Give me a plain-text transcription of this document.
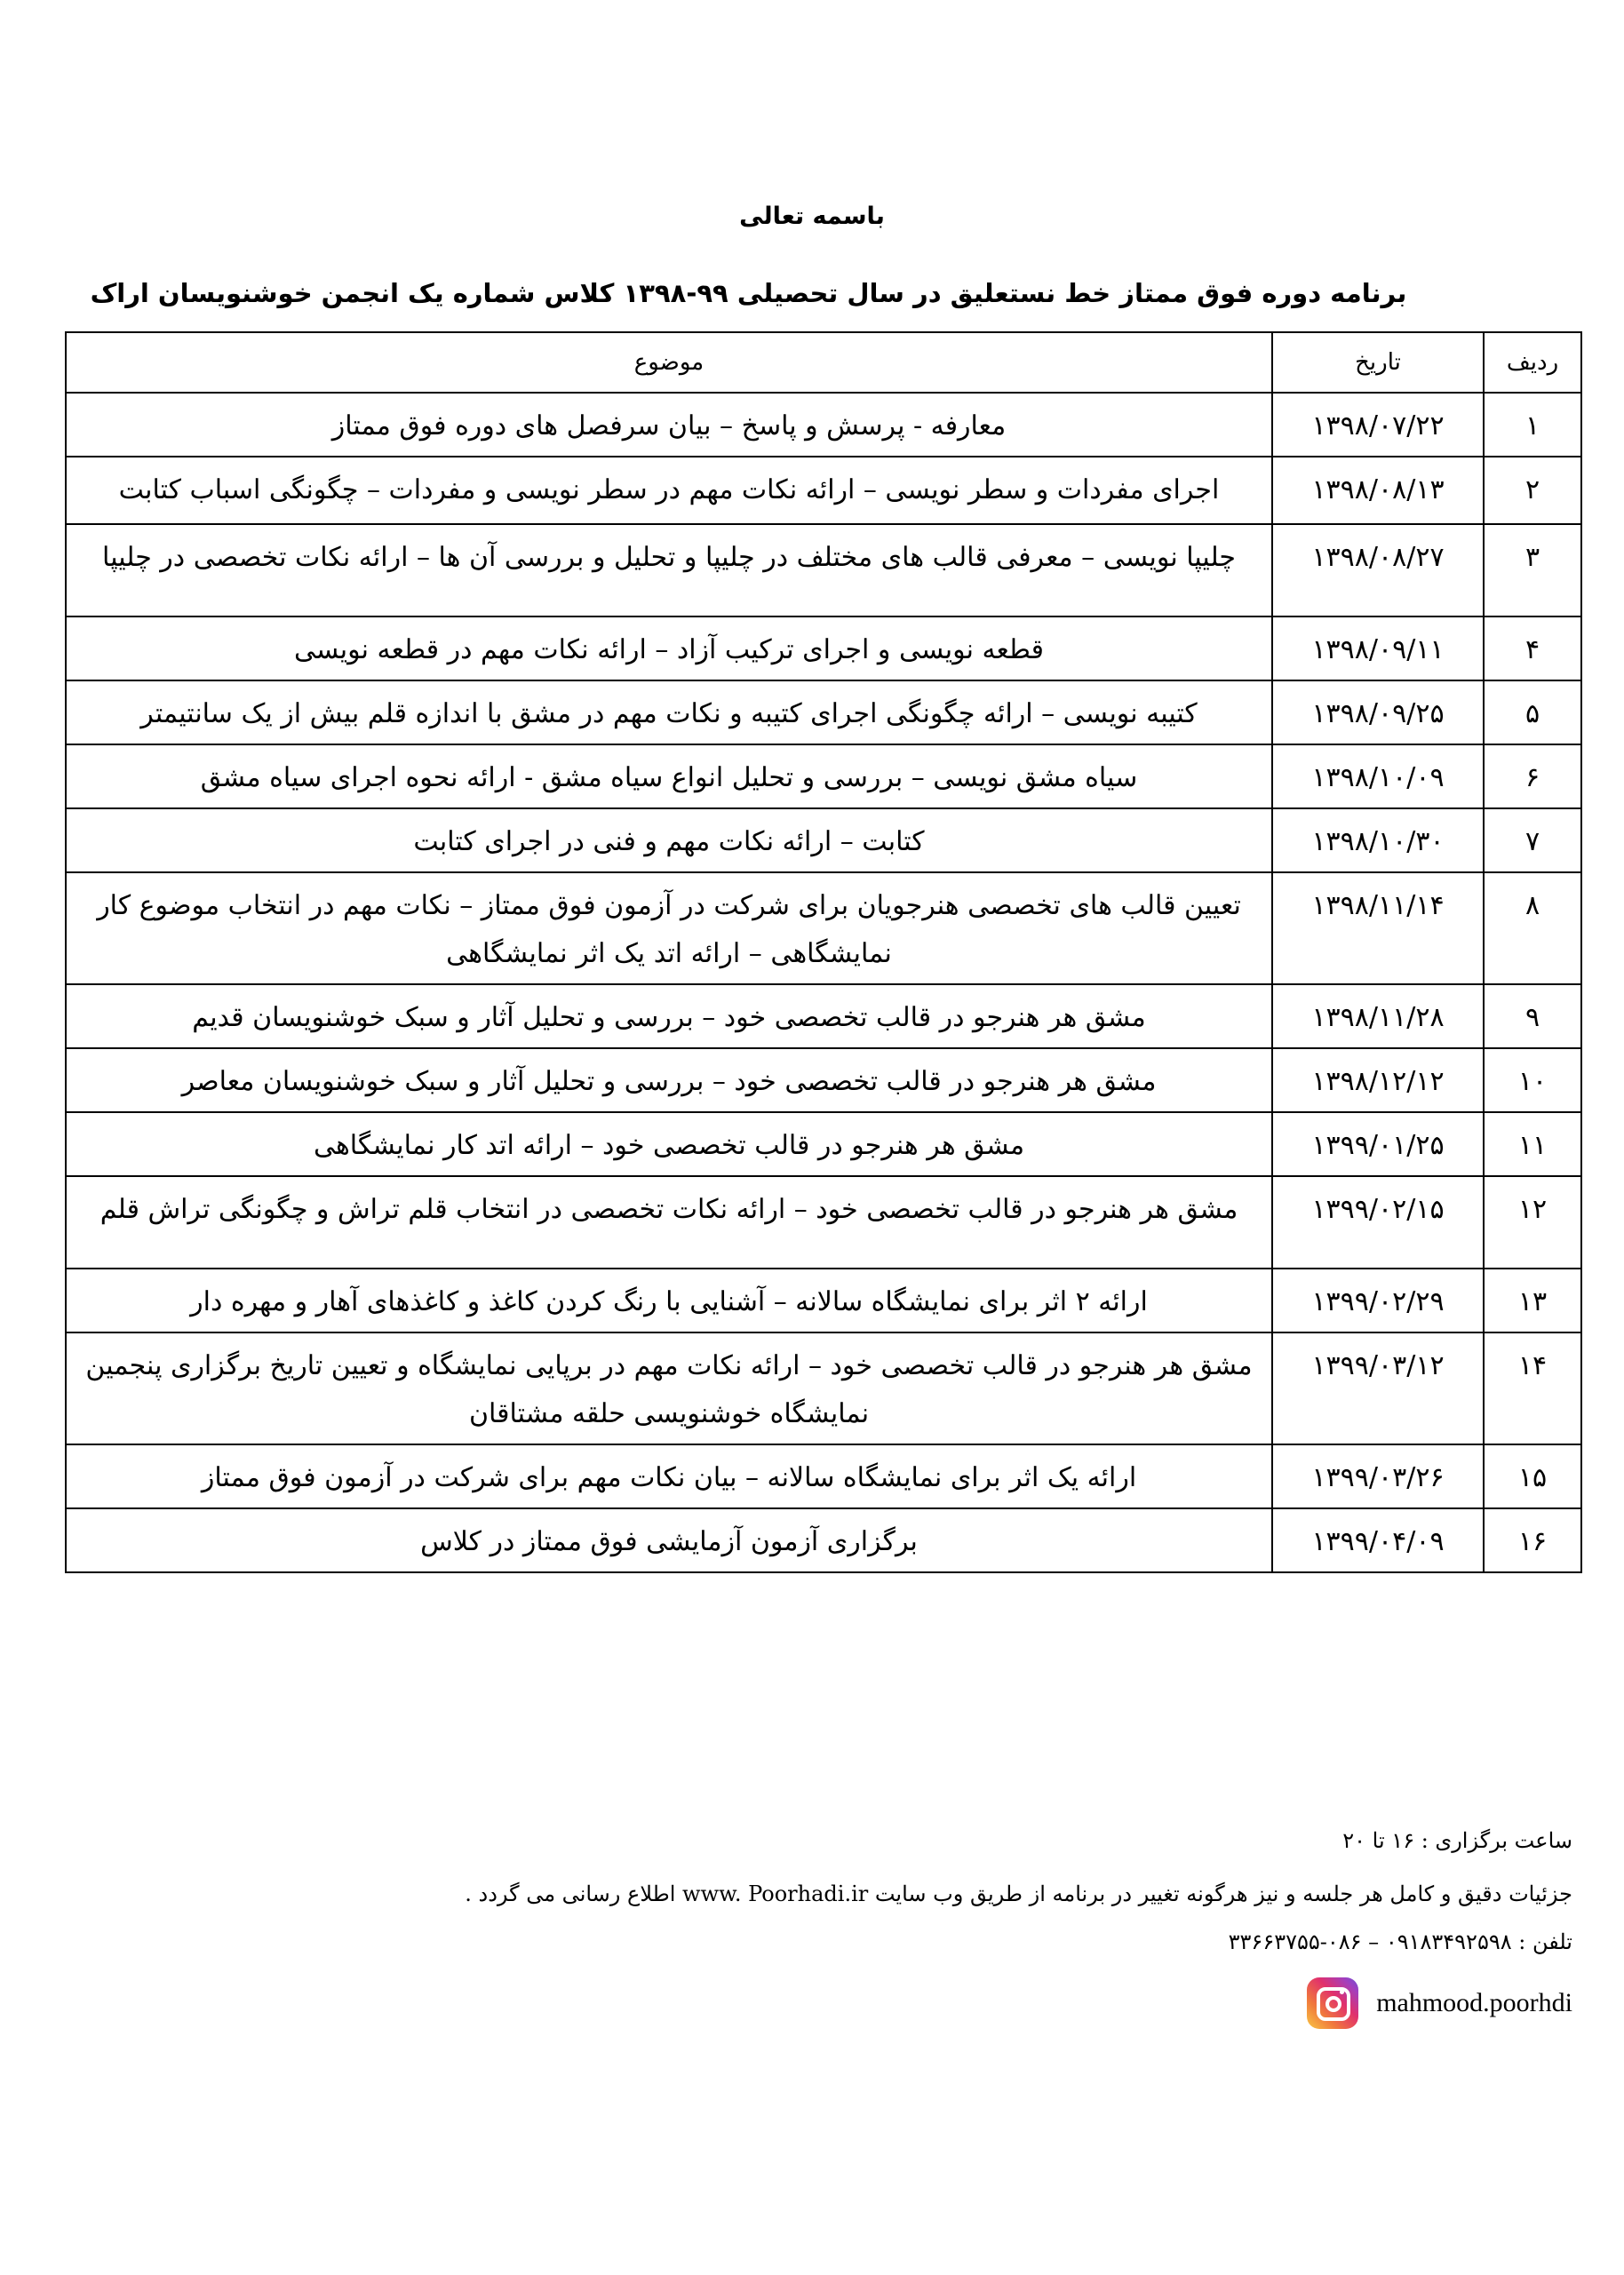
باسمه تعالی
برنامه دوره فوق ممتاز خط نستعلیق در سال تحصیلی ۹۹-۱۳۹۸ کلاس شماره یک انجمن خوشنویسان اراک
ردیف	تاریخ	موضوع
۱	۱۳۹۸/۰۷/۲۲	معارفه - پرسش و پاسخ – بیان سرفصل های دوره فوق ممتاز
۲	۱۳۹۸/۰۸/۱۳	اجرای مفردات و سطر نویسی – ارائه نکات مهم در سطر نویسی و مفردات – چگونگی اسباب کتابت
۳	۱۳۹۸/۰۸/۲۷	چلیپا نویسی – معرفی قالب های مختلف در چلیپا و تحلیل و بررسی آن ها – ارائه نکات تخصصی در چلیپا
۴	۱۳۹۸/۰۹/۱۱	قطعه نویسی و اجرای ترکیب آزاد – ارائه نکات مهم در قطعه نویسی
۵	۱۳۹۸/۰۹/۲۵	کتیبه نویسی – ارائه چگونگی اجرای کتیبه و نکات مهم در مشق با اندازه قلم بیش از یک سانتیمتر
۶	۱۳۹۸/۱۰/۰۹	سیاه مشق نویسی – بررسی و تحلیل انواع سیاه مشق - ارائه نحوه اجرای سیاه مشق
۷	۱۳۹۸/۱۰/۳۰	کتابت – ارائه نکات مهم و فنی در اجرای کتابت
۸	۱۳۹۸/۱۱/۱۴	تعیین قالب های تخصصی هنرجویان برای شرکت در آزمون فوق ممتاز – نکات مهم در انتخاب موضوع کار نمایشگاهی – ارائه اتد یک اثر نمایشگاهی
۹	۱۳۹۸/۱۱/۲۸	مشق هر هنرجو در قالب تخصصی خود – بررسی و تحلیل آثار و سبک خوشنویسان قدیم
۱۰	۱۳۹۸/۱۲/۱۲	مشق هر هنرجو در قالب تخصصی خود – بررسی و تحلیل آثار و سبک خوشنویسان معاصر
۱۱	۱۳۹۹/۰۱/۲۵	مشق هر هنرجو در قالب تخصصی خود – ارائه اتد کار نمایشگاهی
۱۲	۱۳۹۹/۰۲/۱۵	مشق هر هنرجو در قالب تخصصی خود – ارائه نکات تخصصی در انتخاب قلم تراش و چگونگی تراش قلم
۱۳	۱۳۹۹/۰۲/۲۹	ارائه ۲ اثر برای نمایشگاه سالانه – آشنایی با رنگ کردن کاغذ و کاغذهای آهار و مهره دار
۱۴	۱۳۹۹/۰۳/۱۲	مشق هر هنرجو در قالب تخصصی خود – ارائه نکات مهم در برپایی نمایشگاه و تعیین تاریخ برگزاری پنجمین نمایشگاه خوشنویسی حلقه مشتاقان
۱۵	۱۳۹۹/۰۳/۲۶	ارائه یک اثر برای نمایشگاه سالانه – بیان نکات مهم برای شرکت در آزمون فوق ممتاز
۱۶	۱۳۹۹/۰۴/۰۹	برگزاری آزمون آزمایشی فوق ممتاز در کلاس
ساعت برگزاری : ۱۶ تا ۲۰
جزئیات دقیق و کامل هر جلسه و نیز هرگونه تغییر در برنامه از طریق وب سایت www. Poorhadi.ir اطلاع رسانی می گردد .
تلفن : ۰۹۱۸۳۴۹۲۵۹۸ – ۰۸۶-۳۳۶۶۳۷۵۵
mahmood.poorhdi
